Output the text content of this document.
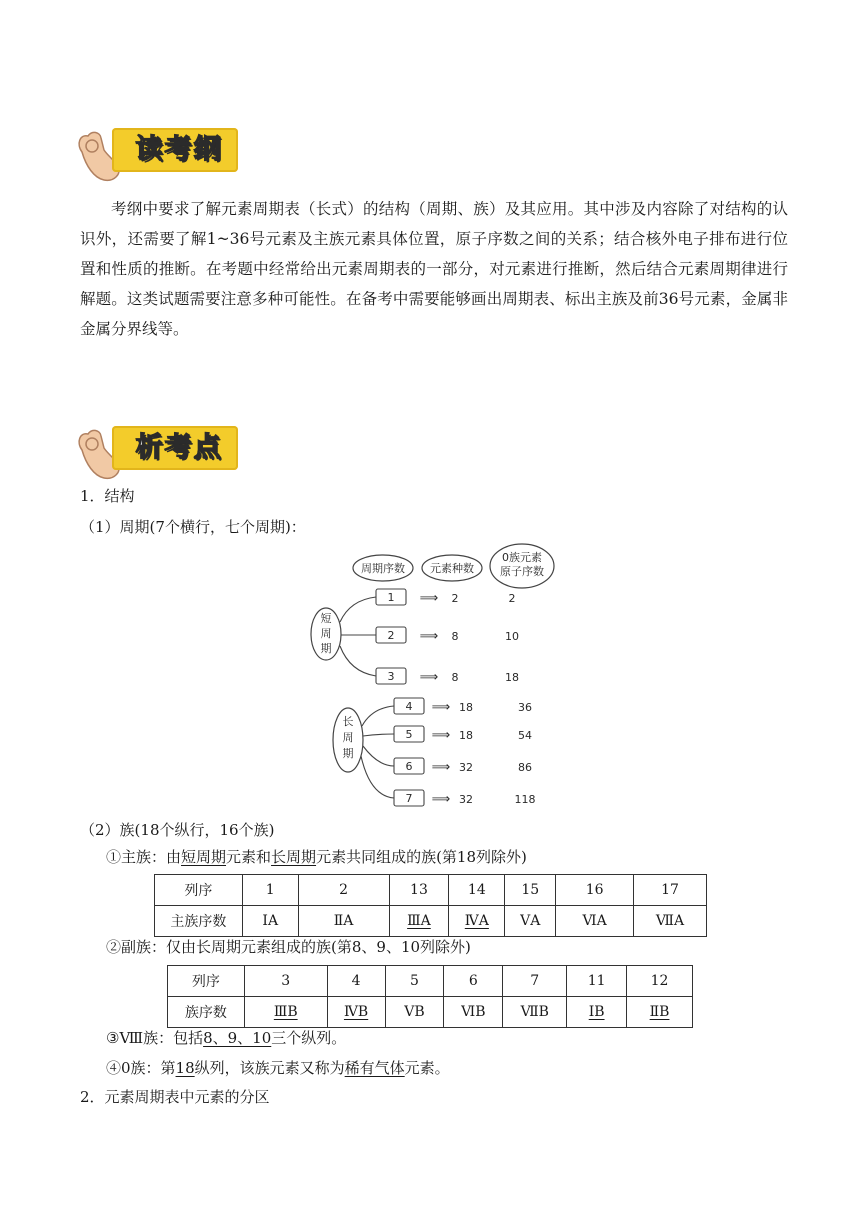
读考纲
考纲中要求了解元素周期表（长式）的结构（周期、族）及其应用。其中涉及内容除了对结构的认识外，还需要了解1~36号元素及主族元素具体位置，原子序数之间的关系；结合核外电子排布进行位置和性质的推断。在考题中经常给出元素周期表的一部分，对元素进行推断，然后结合元素周期律进行解题。这类试题需要注意多种可能性。在备考中需要能够画出周期表、标出主族及前36号元素，金属非金属分界线等。
析考点
1．结构
（1）周期(7个横行，七个周期)：
周期序数 元素种数
0族元素
原子序数
短
周
期
长
周
期
1 ⟹ 2	2
2 ⟹ 8	10
3 ⟹ 8	18
4 ⟹ 18	36
5 ⟹ 18	54
6 ⟹ 32	86
7 ⟹ 32	118
（2）族(18个纵行，16个族)
①主族：由短周期元素和长周期元素共同组成的族(第18列除外)
列序	1	2	13	14	15	16	17
主族序数	ⅠA	ⅡA	ⅢA	ⅣA	ⅤA	ⅥA	ⅦA
②副族：仅由长周期元素组成的族(第8、9、10列除外)
列序	3	4	5	6	7	11	12
族序数	ⅢB	ⅣB	ⅤB	ⅥB	ⅦB	ⅠB	ⅡB
③Ⅷ族：包括8、9、10三个纵列。
④0族：第18纵列，该族元素又称为稀有气体元素。
2．元素周期表中元素的分区
